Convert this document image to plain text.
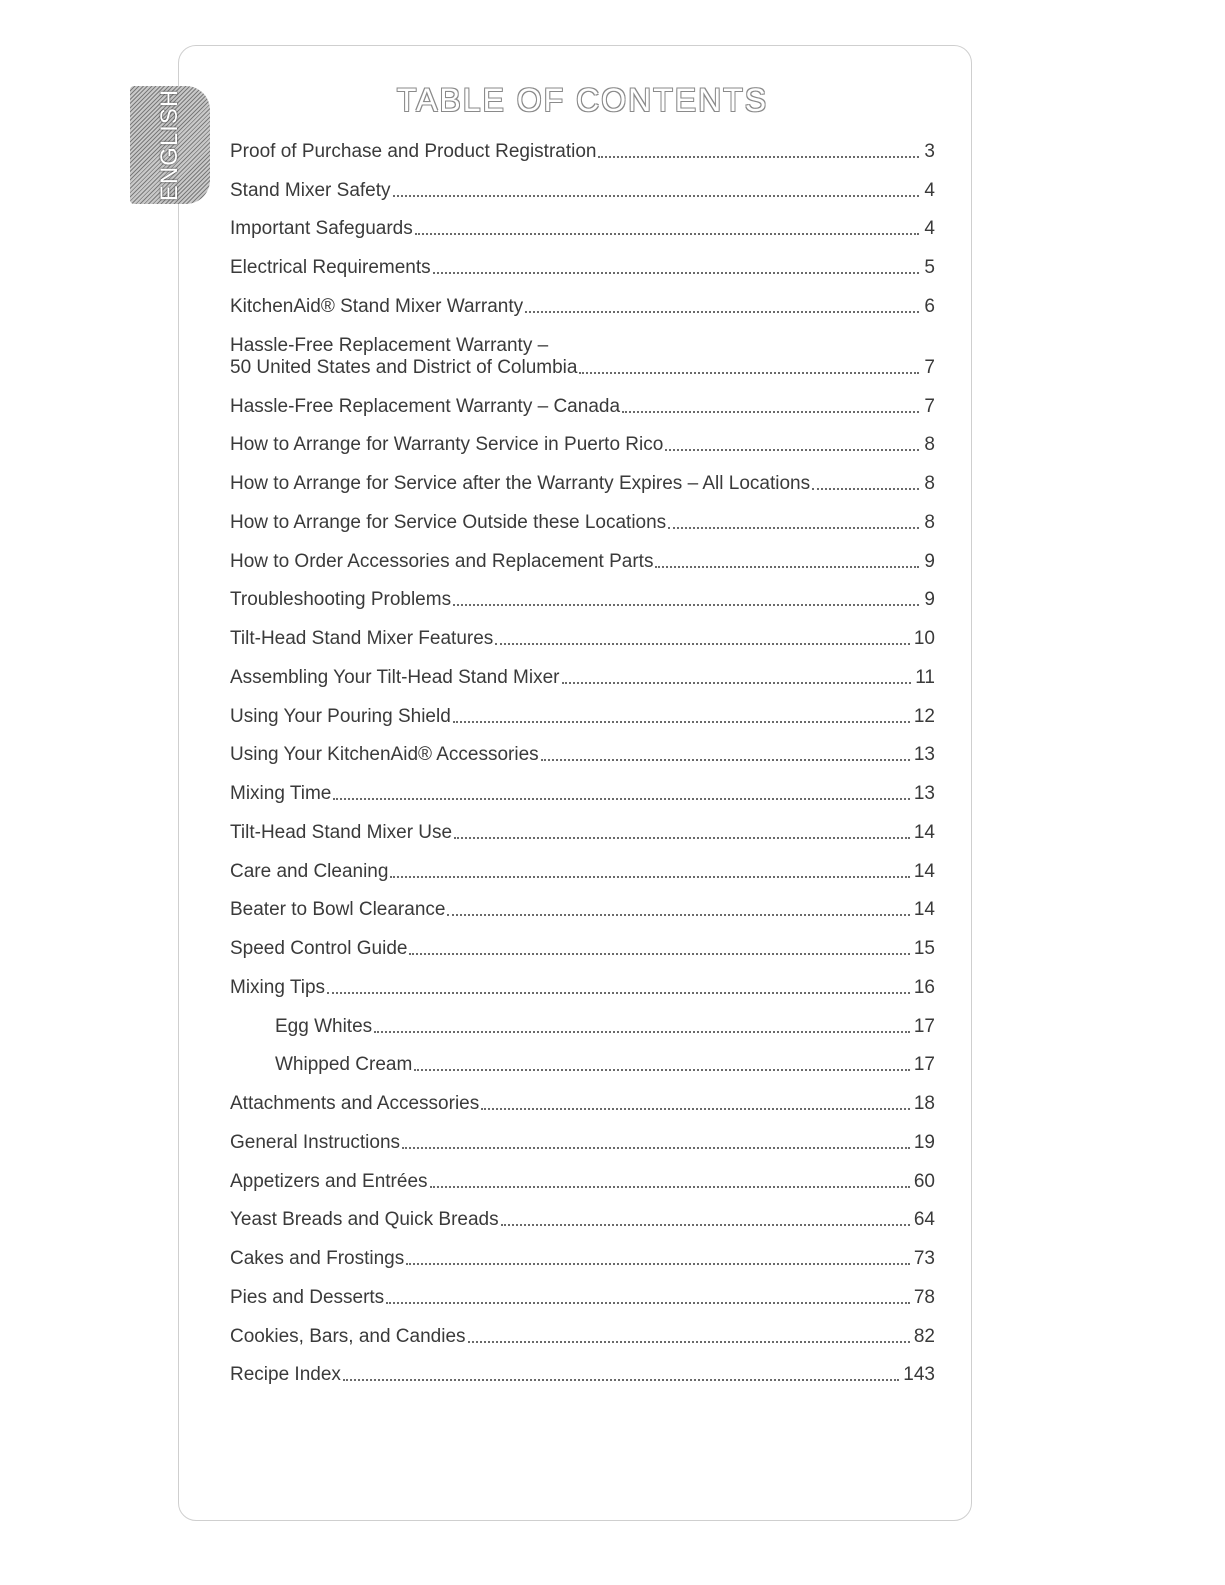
ENGLISH	TABLE OF CONTENTS
Proof of Purchase and Product Registration	3
Stand Mixer Safety	4
Important Safeguards	4
Electrical Requirements	5
KitchenAid® Stand Mixer Warranty	6
Hassle-Free Replacement Warranty –
50 United States and District of Columbia	7
Hassle-Free Replacement Warranty – Canada	7
How to Arrange for Warranty Service in Puerto Rico	8
How to Arrange for Service after the Warranty Expires – All Locations	8
How to Arrange for Service Outside these Locations	8
How to Order Accessories and Replacement Parts	9
Troubleshooting Problems	9
Tilt-Head Stand Mixer Features	10
Assembling Your Tilt-Head Stand Mixer	11
Using Your Pouring Shield	12
Using Your KitchenAid® Accessories	13
Mixing Time	13
Tilt-Head Stand Mixer Use	14
Care and Cleaning	14
Beater to Bowl Clearance	14
Speed Control Guide	15
Mixing Tips	16
Egg Whites	17
Whipped Cream	17
Attachments and Accessories	18
General Instructions	19
Appetizers and Entrées	60
Yeast Breads and Quick Breads	64
Cakes and Frostings	73
Pies and Desserts	78
Cookies, Bars, and Candies	82
Recipe Index	143
